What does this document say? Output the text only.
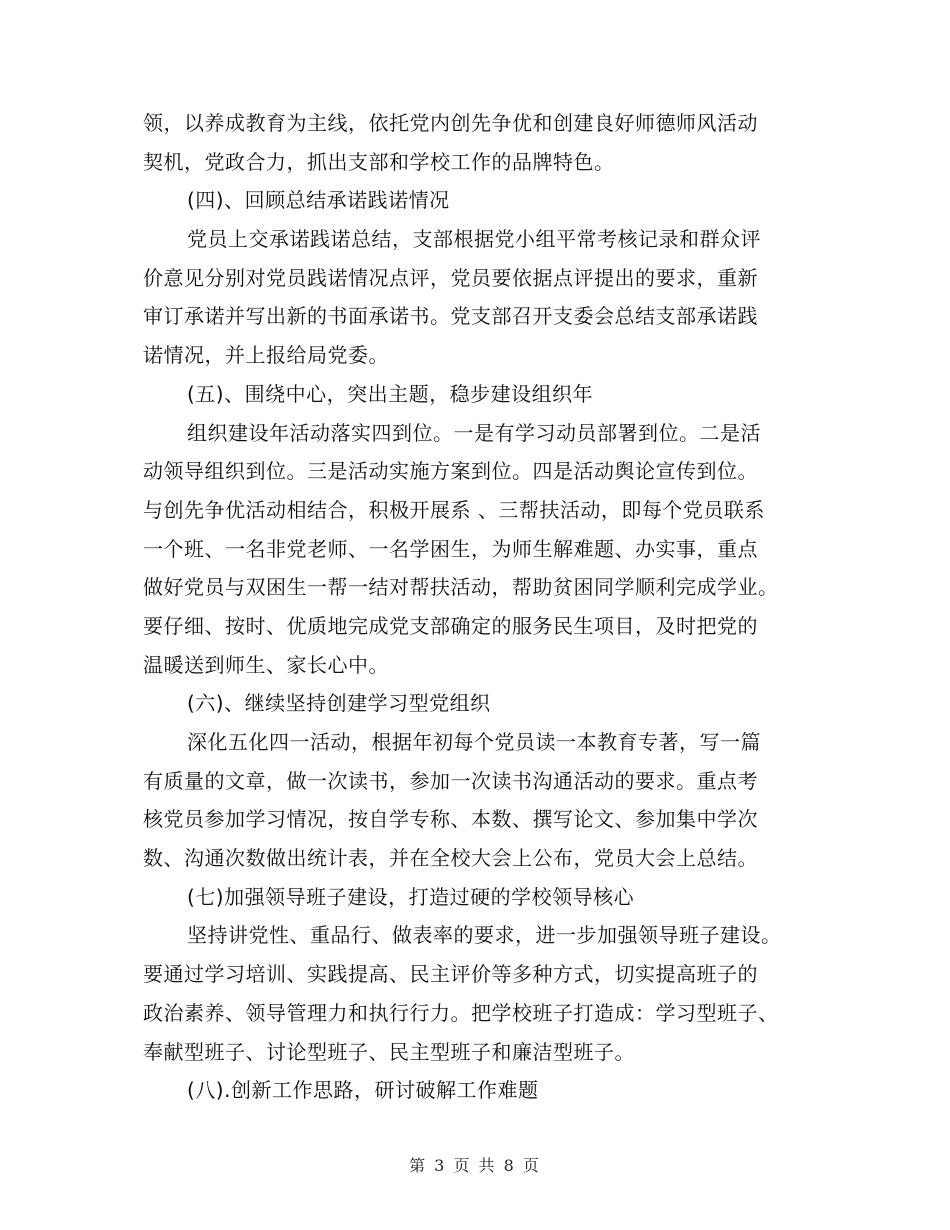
领，以养成教育为主线，依托党内创先争优和创建良好师德师风活动
契机，党政合力，抓出支部和学校工作的品牌特色。
(四)、回顾总结承诺践诺情况
党员上交承诺践诺总结，支部根据党小组平常考核记录和群众评
价意见分别对党员践诺情况点评，党员要依据点评提出的要求，重新
审订承诺并写出新的书面承诺书。党支部召开支委会总结支部承诺践
诺情况，并上报给局党委。
(五)、围绕中心，突出主题，稳步建设组织年
组织建设年活动落实四到位。一是有学习动员部署到位。二是活
动领导组织到位。三是活动实施方案到位。四是活动舆论宣传到位。
与创先争优活动相结合，积极开展系 、三帮扶活动，即每个党员联系
一个班、一名非党老师、一名学困生，为师生解难题、办实事，重点
做好党员与双困生一帮一结对帮扶活动，帮助贫困同学顺利完成学业。
要仔细、按时、优质地完成党支部确定的服务民生项目，及时把党的
温暖送到师生、家长心中。
(六)、继续坚持创建学习型党组织
深化五化四一活动，根据年初每个党员读一本教育专著，写一篇
有质量的文章，做一次读书，参加一次读书沟通活动的要求。重点考
核党员参加学习情况，按自学专称、本数、撰写论文、参加集中学次
数、沟通次数做出统计表，并在全校大会上公布，党员大会上总结。
(七)加强领导班子建设，打造过硬的学校领导核心
坚持讲党性、重品行、做表率的要求，进一步加强领导班子建设。
要通过学习培训、实践提高、民主评价等多种方式，切实提高班子的
政治素养、领导管理力和执行行力。把学校班子打造成：学习型班子、
奉献型班子、讨论型班子、民主型班子和廉洁型班子。
(八).创新工作思路，研讨破解工作难题
第 3 页 共 8 页
